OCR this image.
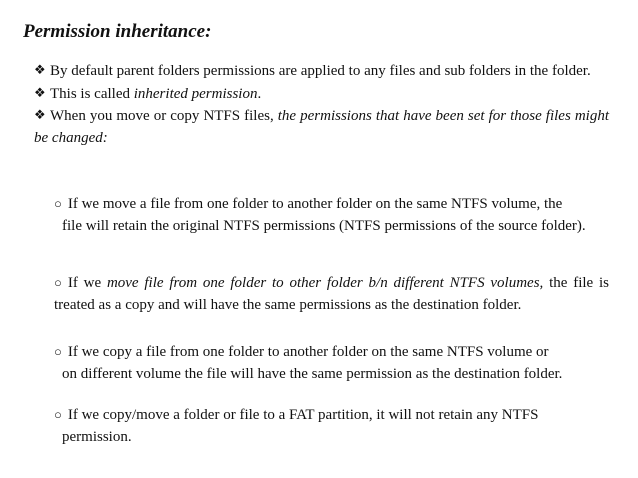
Permission inheritance:

❖ By default parent folders permissions are applied to any files and sub folders in the folder.

❖ This is called inherited permission.

❖ When you move or copy NTFS files, the permissions that have been set for those files might be changed:

○ If we move a file from one folder to another folder on the same NTFS volume, the

file will retain the original NTFS permissions (NTFS permissions of the source folder).

○ If we move file from one folder to other folder b/n different NTFS volumes, the file is treated as a copy and will have the same permissions as the destination folder.

○ If we copy a file from one folder to another folder on the same NTFS volume or

on different volume the file will have the same permission as the destination folder.

○ If we copy/move a folder or file to a FAT partition, it will not retain any NTFS

permission.
